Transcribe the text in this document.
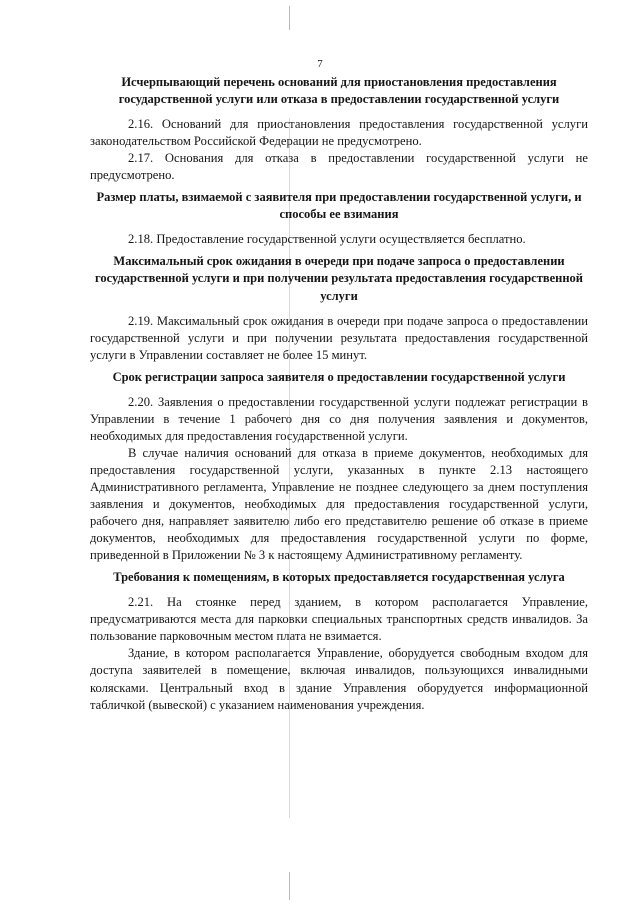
7
Исчерпывающий перечень оснований для приостановления предоставления государственной услуги или отказа в предоставлении государственной услуги

2.16. Оснований для приостановления предоставления государственной услуги законодательством Российской Федерации не предусмотрено.

2.17. Основания для отказа в предоставлении государственной услуги не предусмотрено.

Размер платы, взимаемой с заявителя при предоставлении государственной услуги, и способы ее взимания

2.18. Предоставление государственной услуги осуществляется бесплатно.

Максимальный срок ожидания в очереди при подаче запроса о предоставлении государственной услуги и при получении результата предоставления государственной услуги

2.19. Максимальный срок ожидания в очереди при подаче запроса о предоставлении государственной услуги и при получении результата предоставления государственной услуги в Управлении составляет не более 15 минут.

Срок регистрации запроса заявителя о предоставлении государственной услуги

2.20. Заявления о предоставлении государственной услуги подлежат регистрации в Управлении в течение 1 рабочего дня со дня получения заявления и документов, необходимых для предоставления государственной услуги.

В случае наличия оснований для отказа в приеме документов, необходимых для предоставления государственной услуги, указанных в пункте 2.13 настоящего Административного регламента, Управление не позднее следующего за днем поступления заявления и документов, необходимых для предоставления государственной услуги, рабочего дня, направляет заявителю либо его представителю решение об отказе в приеме документов, необходимых для предоставления государственной услуги по форме, приведенной в Приложении № 3 к настоящему Административному регламенту.

Требования к помещениям, в которых предоставляется государственная услуга

2.21. На стоянке перед зданием, в котором располагается Управление, предусматриваются места для парковки специальных транспортных средств инвалидов. За пользование парковочным местом плата не взимается.

Здание, в котором располагается Управление, оборудуется свободным входом для доступа заявителей в помещение, включая инвалидов, пользующихся инвалидными колясками. Центральный вход в здание Управления оборудуется информационной табличкой (вывеской) с указанием наименования учреждения.
